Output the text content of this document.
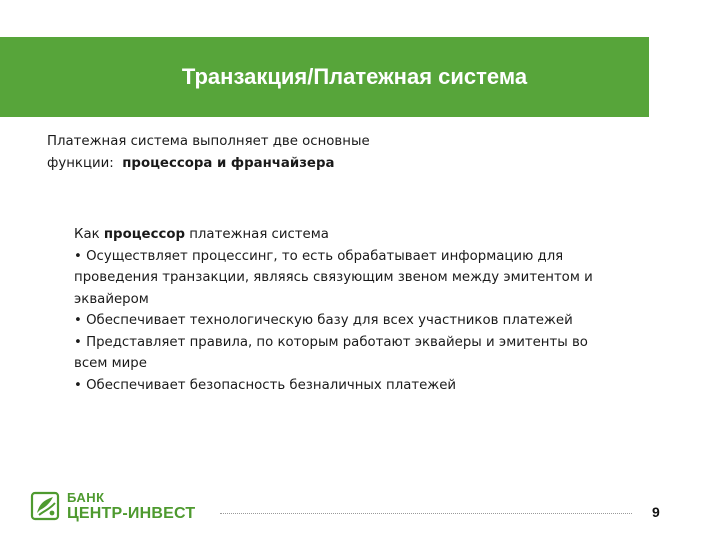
Транзакция/Платежная система
Платежная система выполняет две основные
функции:  процессора и франчайзера

Как процессор платежная система

• Осуществляет процессинг, то есть обрабатывает информацию для проведения транзакции, являясь связующим звеном между эмитентом и эквайером
• Обеспечивает технологическую базу для всех участников платежей
• Представляет правила, по которым работают эквайеры и эмитенты во всем мире
• Обеспечивает безопасность безналичных платежей
БАНК
ЦЕНТР-ИНВЕСТ	9
